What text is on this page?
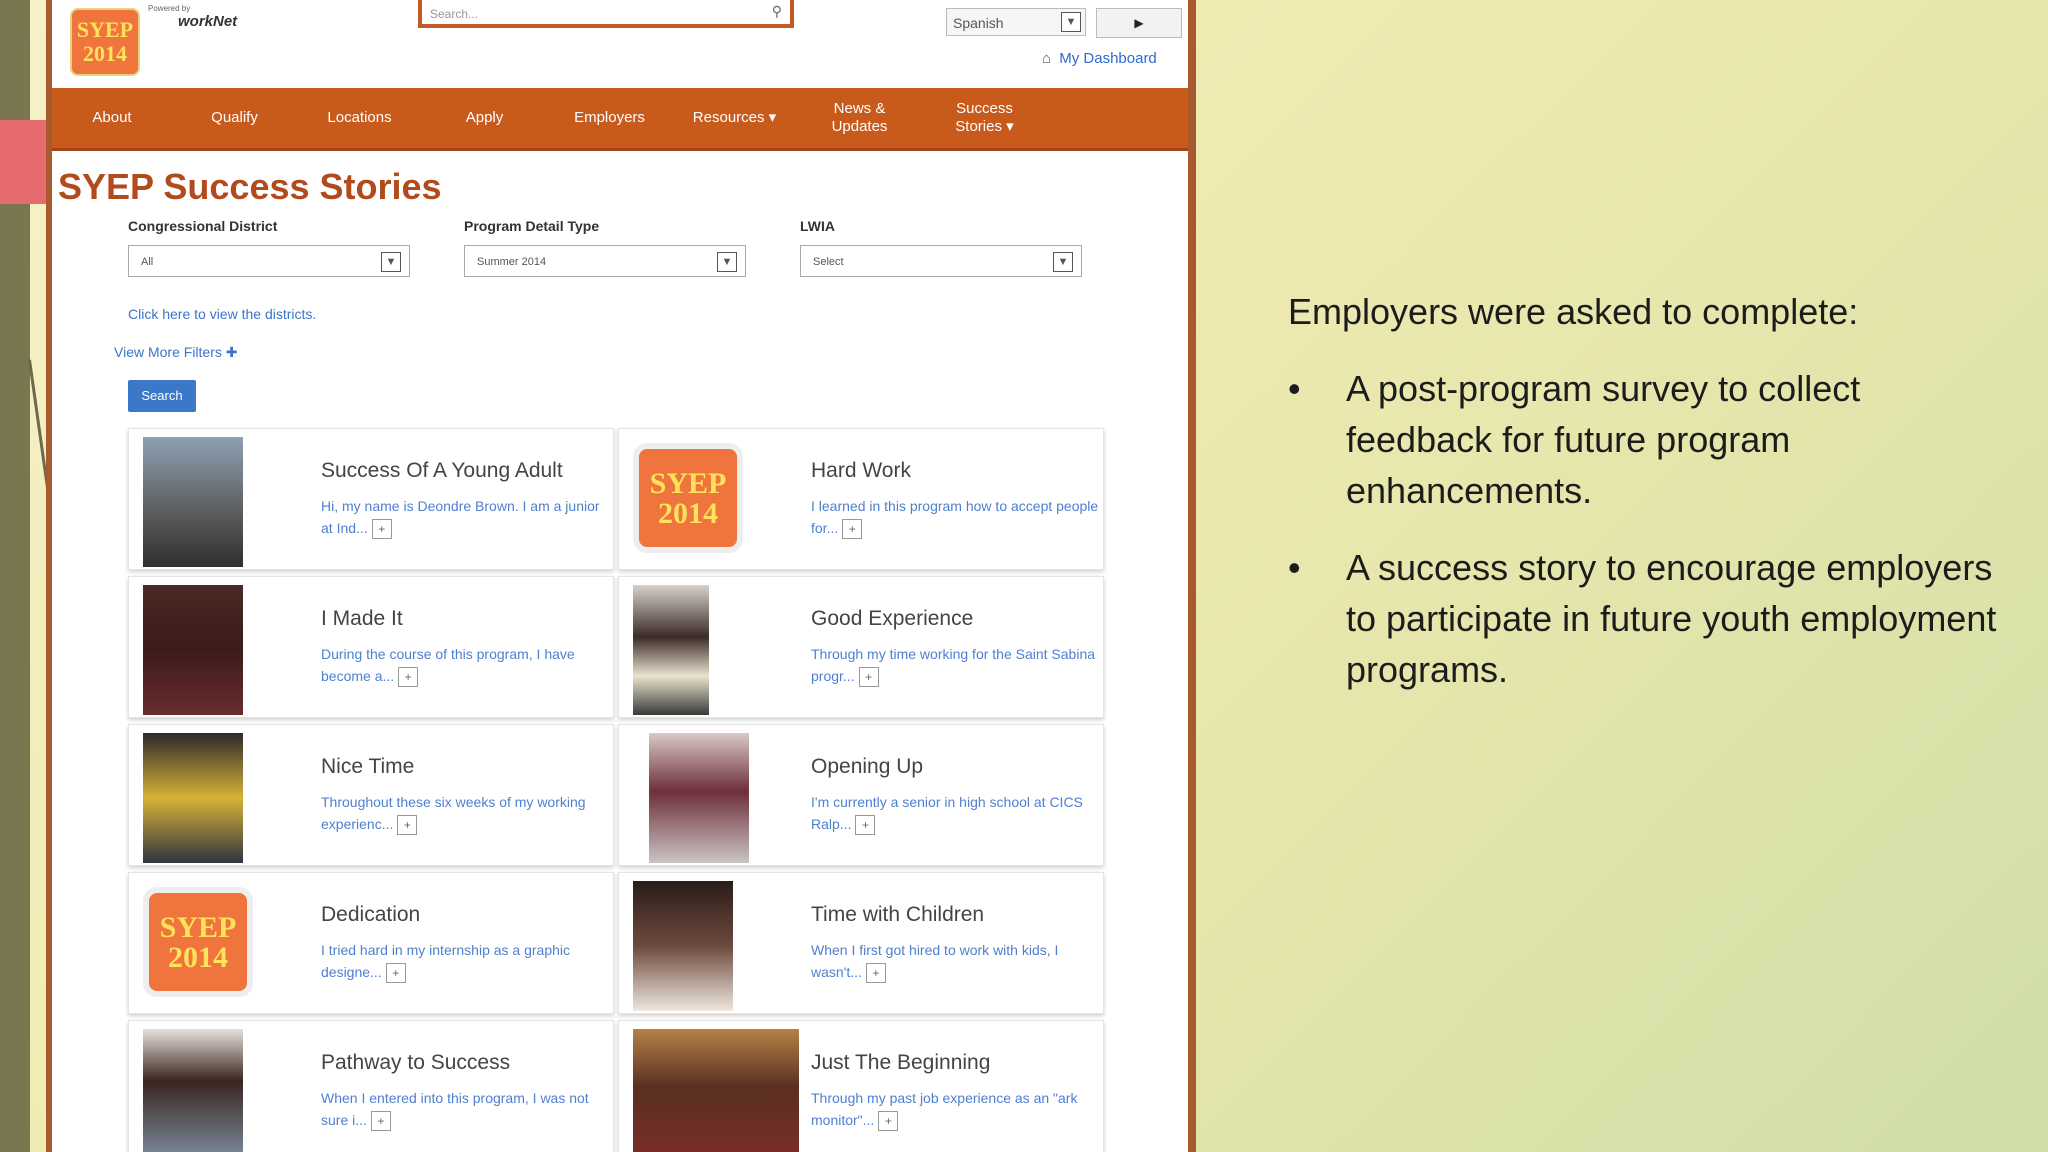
SYEP 2014
Powered by
workNet	Search...	⚲
Spanish	▼	▶
⌂ My Dashboard
About	Qualify	Locations	Apply	Employers	Resources ▾
News &
Updates
Success
Stories ▾
SYEP Success Stories
Congressional District
All	▼
Program Detail Type
Summer 2014	▼
LWIA
Select	▼
Click here to view the districts.
View More Filters ✚
Search
Success Of A Young Adult
Hi, my name is Deondre Brown. I am a junior at Ind... +
SYEP 2014
Hard Work
I learned in this program how to accept people for... +
I Made It
During the course of this program, I have become a... +
Good Experience
Through my time working for the Saint Sabina progr... +
Nice Time
Throughout these six weeks of my working experienc... +
Opening Up
I'm currently a senior in high school at CICS Ralp... +
SYEP 2014
Dedication
I tried hard in my internship as a graphic designe... +
Time with Children
When I first got hired to work with kids, I wasn't... +
Pathway to Success
When I entered into this program, I was not sure i... +
Just The Beginning
Through my past job experience as an "ark monitor"... +
Employers were asked to complete:
• A post-program survey to collect feedback for future program enhancements.
• A success story to encourage employers to participate in future youth employment programs.
